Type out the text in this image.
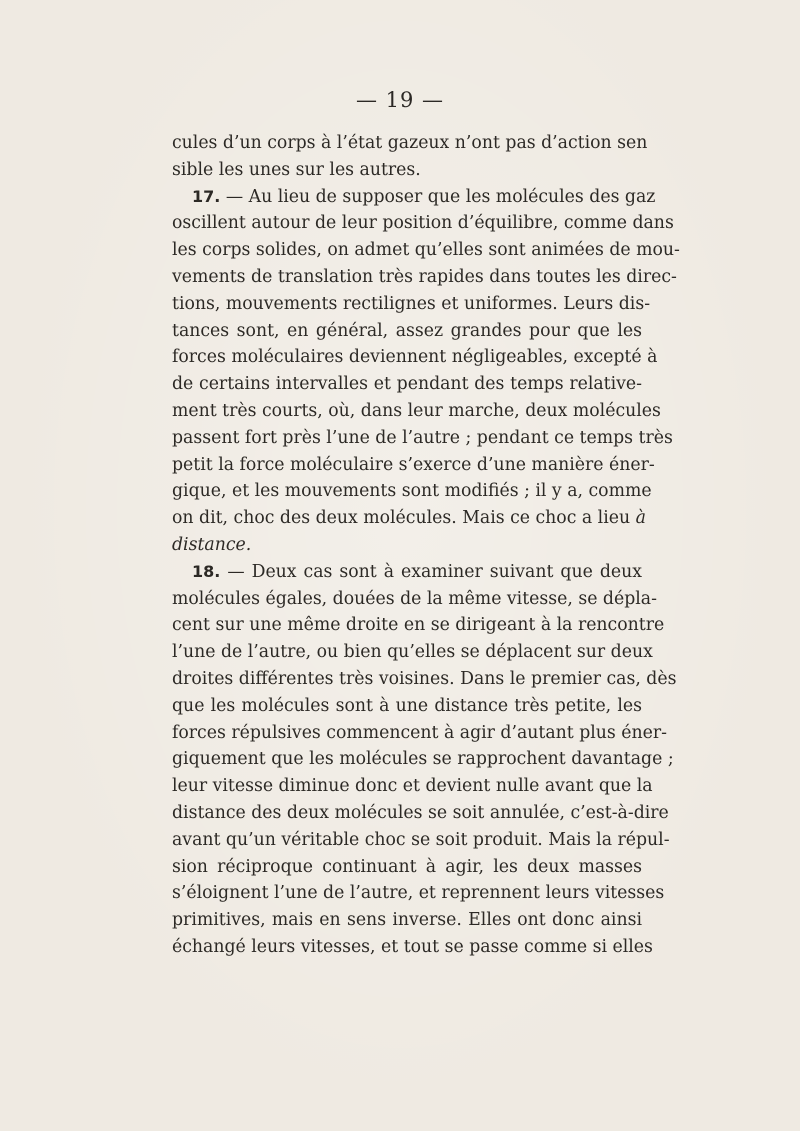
— 19 —
cules d’un corps à l’état gazeux n’ont pas d’action sen
sible les unes sur les autres.
17. — Au lieu de supposer que les molécules des gaz
oscillent autour de leur position d’équilibre, comme dans
les corps solides, on admet qu’elles sont animées de mou-
vements de translation très rapides dans toutes les direc-
tions, mouvements rectilignes et uniformes. Leurs dis-
tances sont, en général, assez grandes pour que les
forces moléculaires deviennent négligeables, excepté à
de certains intervalles et pendant des temps relative-
ment très courts, où, dans leur marche, deux molécules
passent fort près l’une de l’autre ; pendant ce temps très
petit la force moléculaire s’exerce d’une manière éner-
gique, et les mouvements sont modifiés ; il y a, comme
on dit, choc des deux molécules. Mais ce choc a lieu à
distance.
18. — Deux cas sont à examiner suivant que deux
molécules égales, douées de la même vitesse, se dépla-
cent sur une même droite en se dirigeant à la rencontre
l’une de l’autre, ou bien qu’elles se déplacent sur deux
droites différentes très voisines. Dans le premier cas, dès
que les molécules sont à une distance très petite, les
forces répulsives commencent à agir d’autant plus éner-
giquement que les molécules se rapprochent davantage ;
leur vitesse diminue donc et devient nulle avant que la
distance des deux molécules se soit annulée, c’est-à-dire
avant qu’un véritable choc se soit produit. Mais la répul-
sion réciproque continuant à agir, les deux masses
s’éloignent l’une de l’autre, et reprennent leurs vitesses
primitives, mais en sens inverse. Elles ont donc ainsi
échangé leurs vitesses, et tout se passe comme si elles
